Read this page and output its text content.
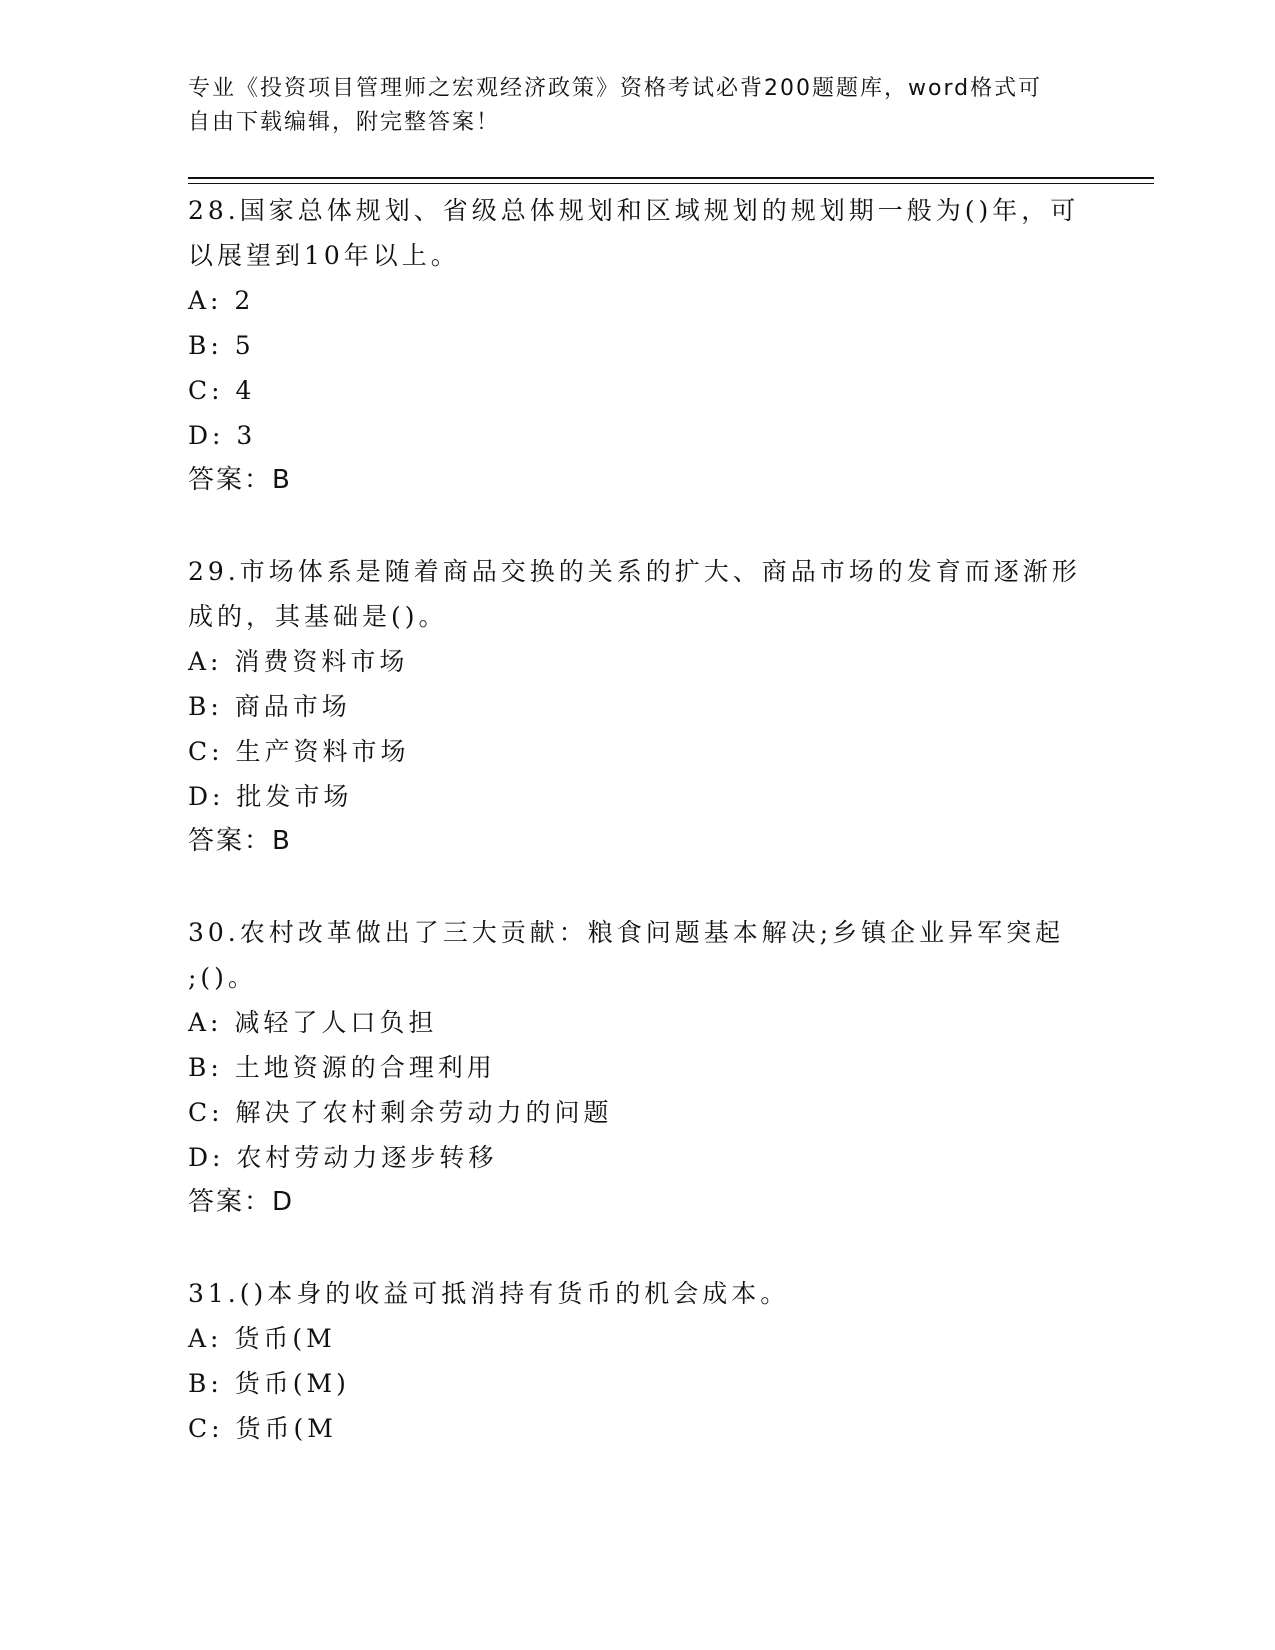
专业《投资项目管理师之宏观经济政策》资格考试必背200题题库，word格式可
自由下载编辑，附完整答案！

28.国家总体规划、省级总体规划和区域规划的规划期一般为()年，可

以展望到10年以上。

A: 2

B: 5

C: 4

D: 3

答案：B

29.市场体系是随着商品交换的关系的扩大、商品市场的发育而逐渐形

成的，其基础是()。

A: 消费资料市场

B: 商品市场

C: 生产资料市场

D: 批发市场

答案：B

30.农村改革做出了三大贡献：粮食问题基本解决;乡镇企业异军突起

;()。

A: 减轻了人口负担

B: 土地资源的合理利用

C: 解决了农村剩余劳动力的问题

D: 农村劳动力逐步转移

答案：D

31.()本身的收益可抵消持有货币的机会成本。

A: 货币(M

B: 货币(M)

C: 货币(M
